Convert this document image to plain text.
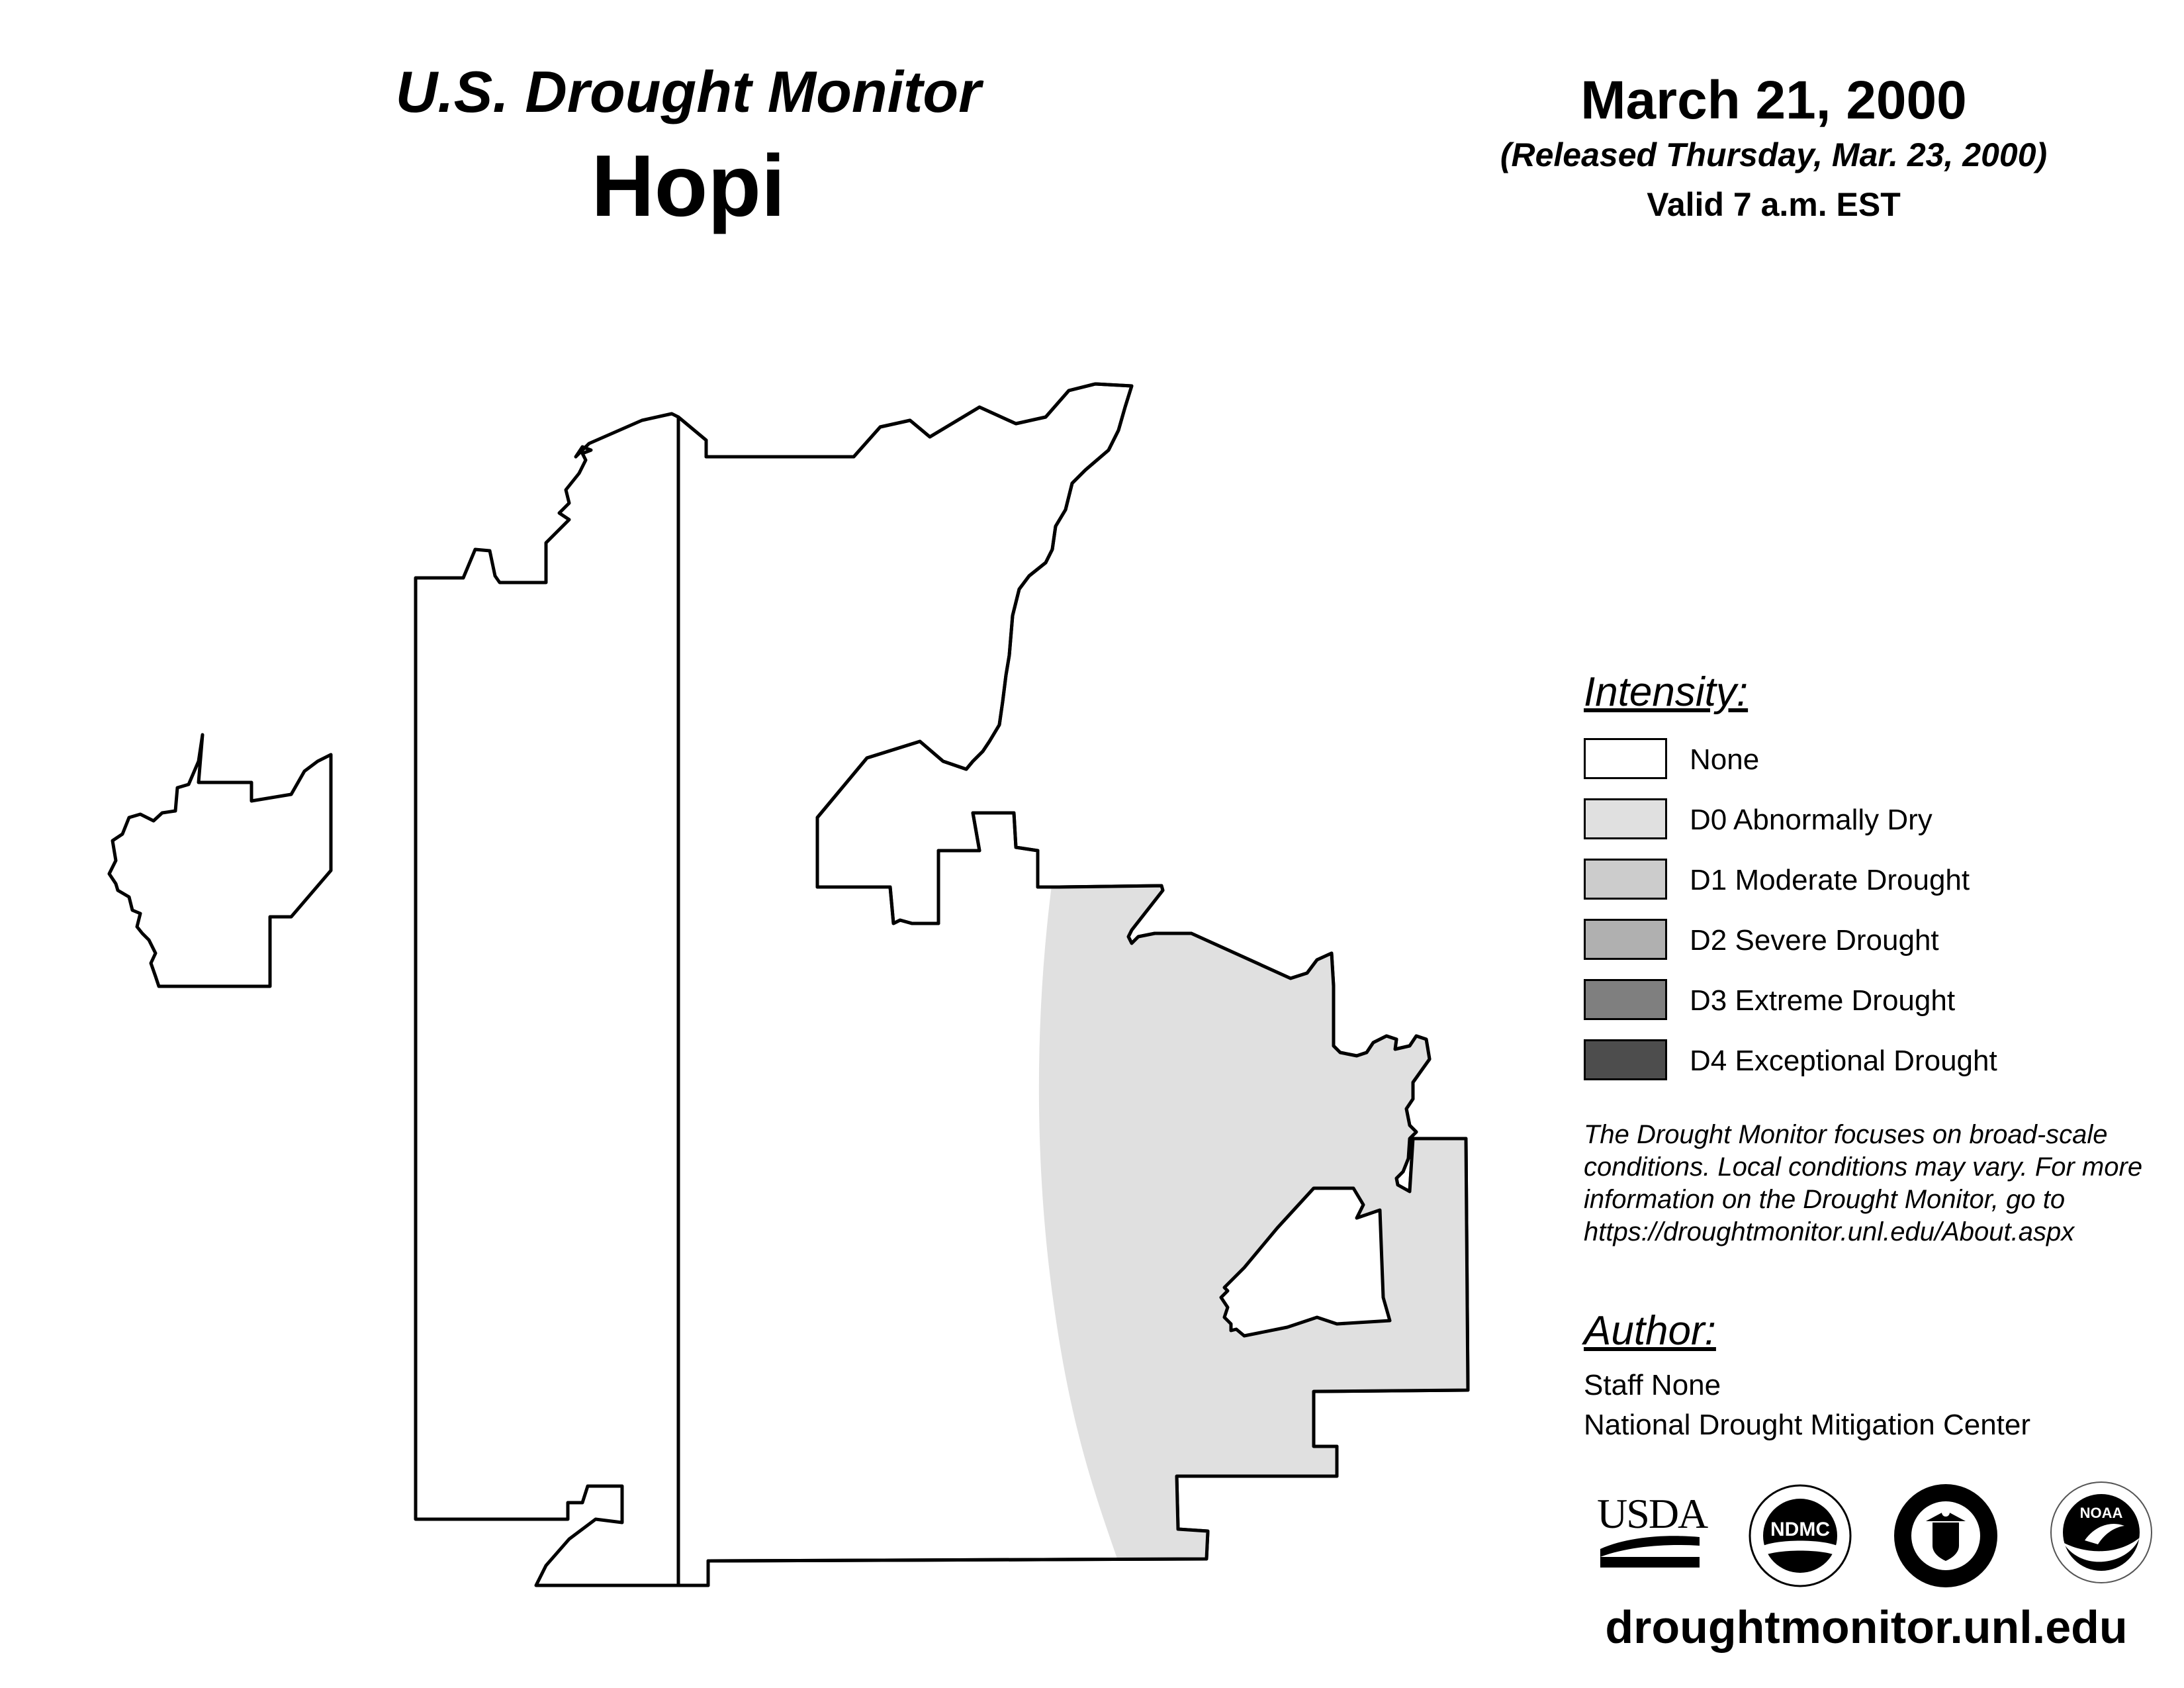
U.S. Drought Monitor
Hopi
March 21, 2000
(Released Thursday, Mar. 23, 2000)
Valid 7 a.m. EST
Intensity:
None
D0 Abnormally Dry
D1 Moderate Drought
D2 Severe Drought
D3 Extreme Drought
D4 Exceptional Drought
The Drought Monitor focuses on broad-scale
conditions. Local conditions may vary. For more
information on the Drought Monitor, go to
https://droughtmonitor.unl.edu/About.aspx
Author:
Staff None
National Drought Mitigation Center
USDA	NDMC
NOAA
droughtmonitor.unl.edu
